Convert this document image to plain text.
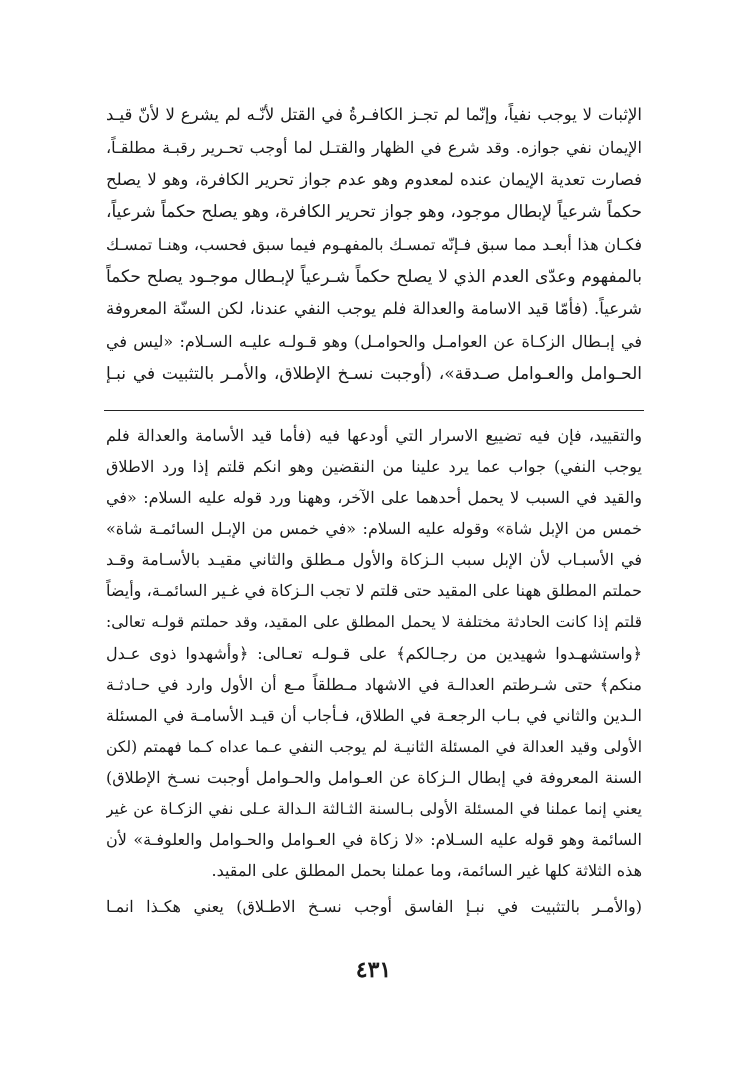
الإثبات لا يوجب نفياً، وإنّما لم تجـز الكافـرةُ في القتل لأنّـه لم يشرع لا لأنّ قيـد
الإيمان نفي جوازه. وقد شرع في الظهار والقتـل لما أوجب تحـرير رقبـة مطلقـاً،
فصارت تعدية الإيمان عنده لمعدوم وهو عدم جواز تحرير الكافرة، وهو لا يصلح
حكماً شرعياً لإبطال موجود، وهو جواز تحرير الكافرة، وهو يصلح حكماً شرعياً،
فكـان هذا أبعـد مما سبق فـإنّه تمسـك بالمفهـوم فيما سبق فحسب، وهنـا تمسـك
بالمفهوم وعدّى العدم الذي لا يصلح حكماً شـرعياً لإبـطال موجـود يصلح حكماً
شرعياً. (فأمّا قيد الاسامة والعدالة فلم يوجب النفي عندنا، لكن السنّة المعروفة
في إبـطال الزكـاة عن العوامـل والحوامـل) وهو قـولـه عليـه السـلام: «ليس في
الحـوامل والعـوامل صـدقة»، (أوجبت نسـخ الإطلاق، والأمـر بالتثبيت في نبـإ
والتقييد، فإن فيه تضييع الاسرار التي أودعها فيه (فأما قيد الأسامة والعدالة فلم
يوجب النفي) جواب عما يرد علينا من النقضين وهو انكم قلتم إذا ورد الاطلاق
والقيد في السبب لا يحمل أحدهما على الآخر، وههنا ورد قوله عليه السلام: «في
خمس من الإبل شاة» وقوله عليه السلام: «في خمس من الإبـل السائمـة شاة»
في الأسبـاب لأن الإبل سبب الـزكاة والأول مـطلق والثاني مقيـد بالأسـامة وقـد
حملتم المطلق ههنا على المقيد حتى قلتم لا تجب الـزكاة في غـير السائمـة، وأيضاً
قلتم إذا كانت الحادثة مختلفة لا يحمل المطلق على المقيد، وقد حملتم قولـه تعالى:
﴿واستشهـدوا شهيدين من رجـالكم﴾ على قـولـه تعـالى: ﴿وأشهدوا ذوى عـدل
منكم﴾ حتى شـرطتم العدالـة في الاشهاد مـطلقاً مـع أن الأول وارد في حـادثـة
الـدين والثاني في بـاب الرجعـة في الطلاق، فـأجاب أن قيـد الأسامـة في المسئلة
الأولى وقيد العدالة في المسئلة الثانيـة لم يوجب النفي عـما عداه كـما فهمتم (لكن
السنة المعروفة في إبطال الـزكاة عن العـوامل والحـوامل أوجبت نسـخ الإطلاق)
يعني إنما عملنا في المسئلة الأولى بـالسنة الثـالثة الـدالة عـلى نفي الزكـاة عن غير
السائمة وهو قوله عليه السـلام: «لا زكاة في العـوامل والحـوامل والعلوفـة» لأن
هذه الثلاثة كلها غير السائمة، وما عملنا بحمل المطلق على المقيد.
(والأمـر بالتثبيت في نبـإ الفاسق أوجب نسـخ الاطـلاق) يعني هكـذا انمـا
٤٣١
